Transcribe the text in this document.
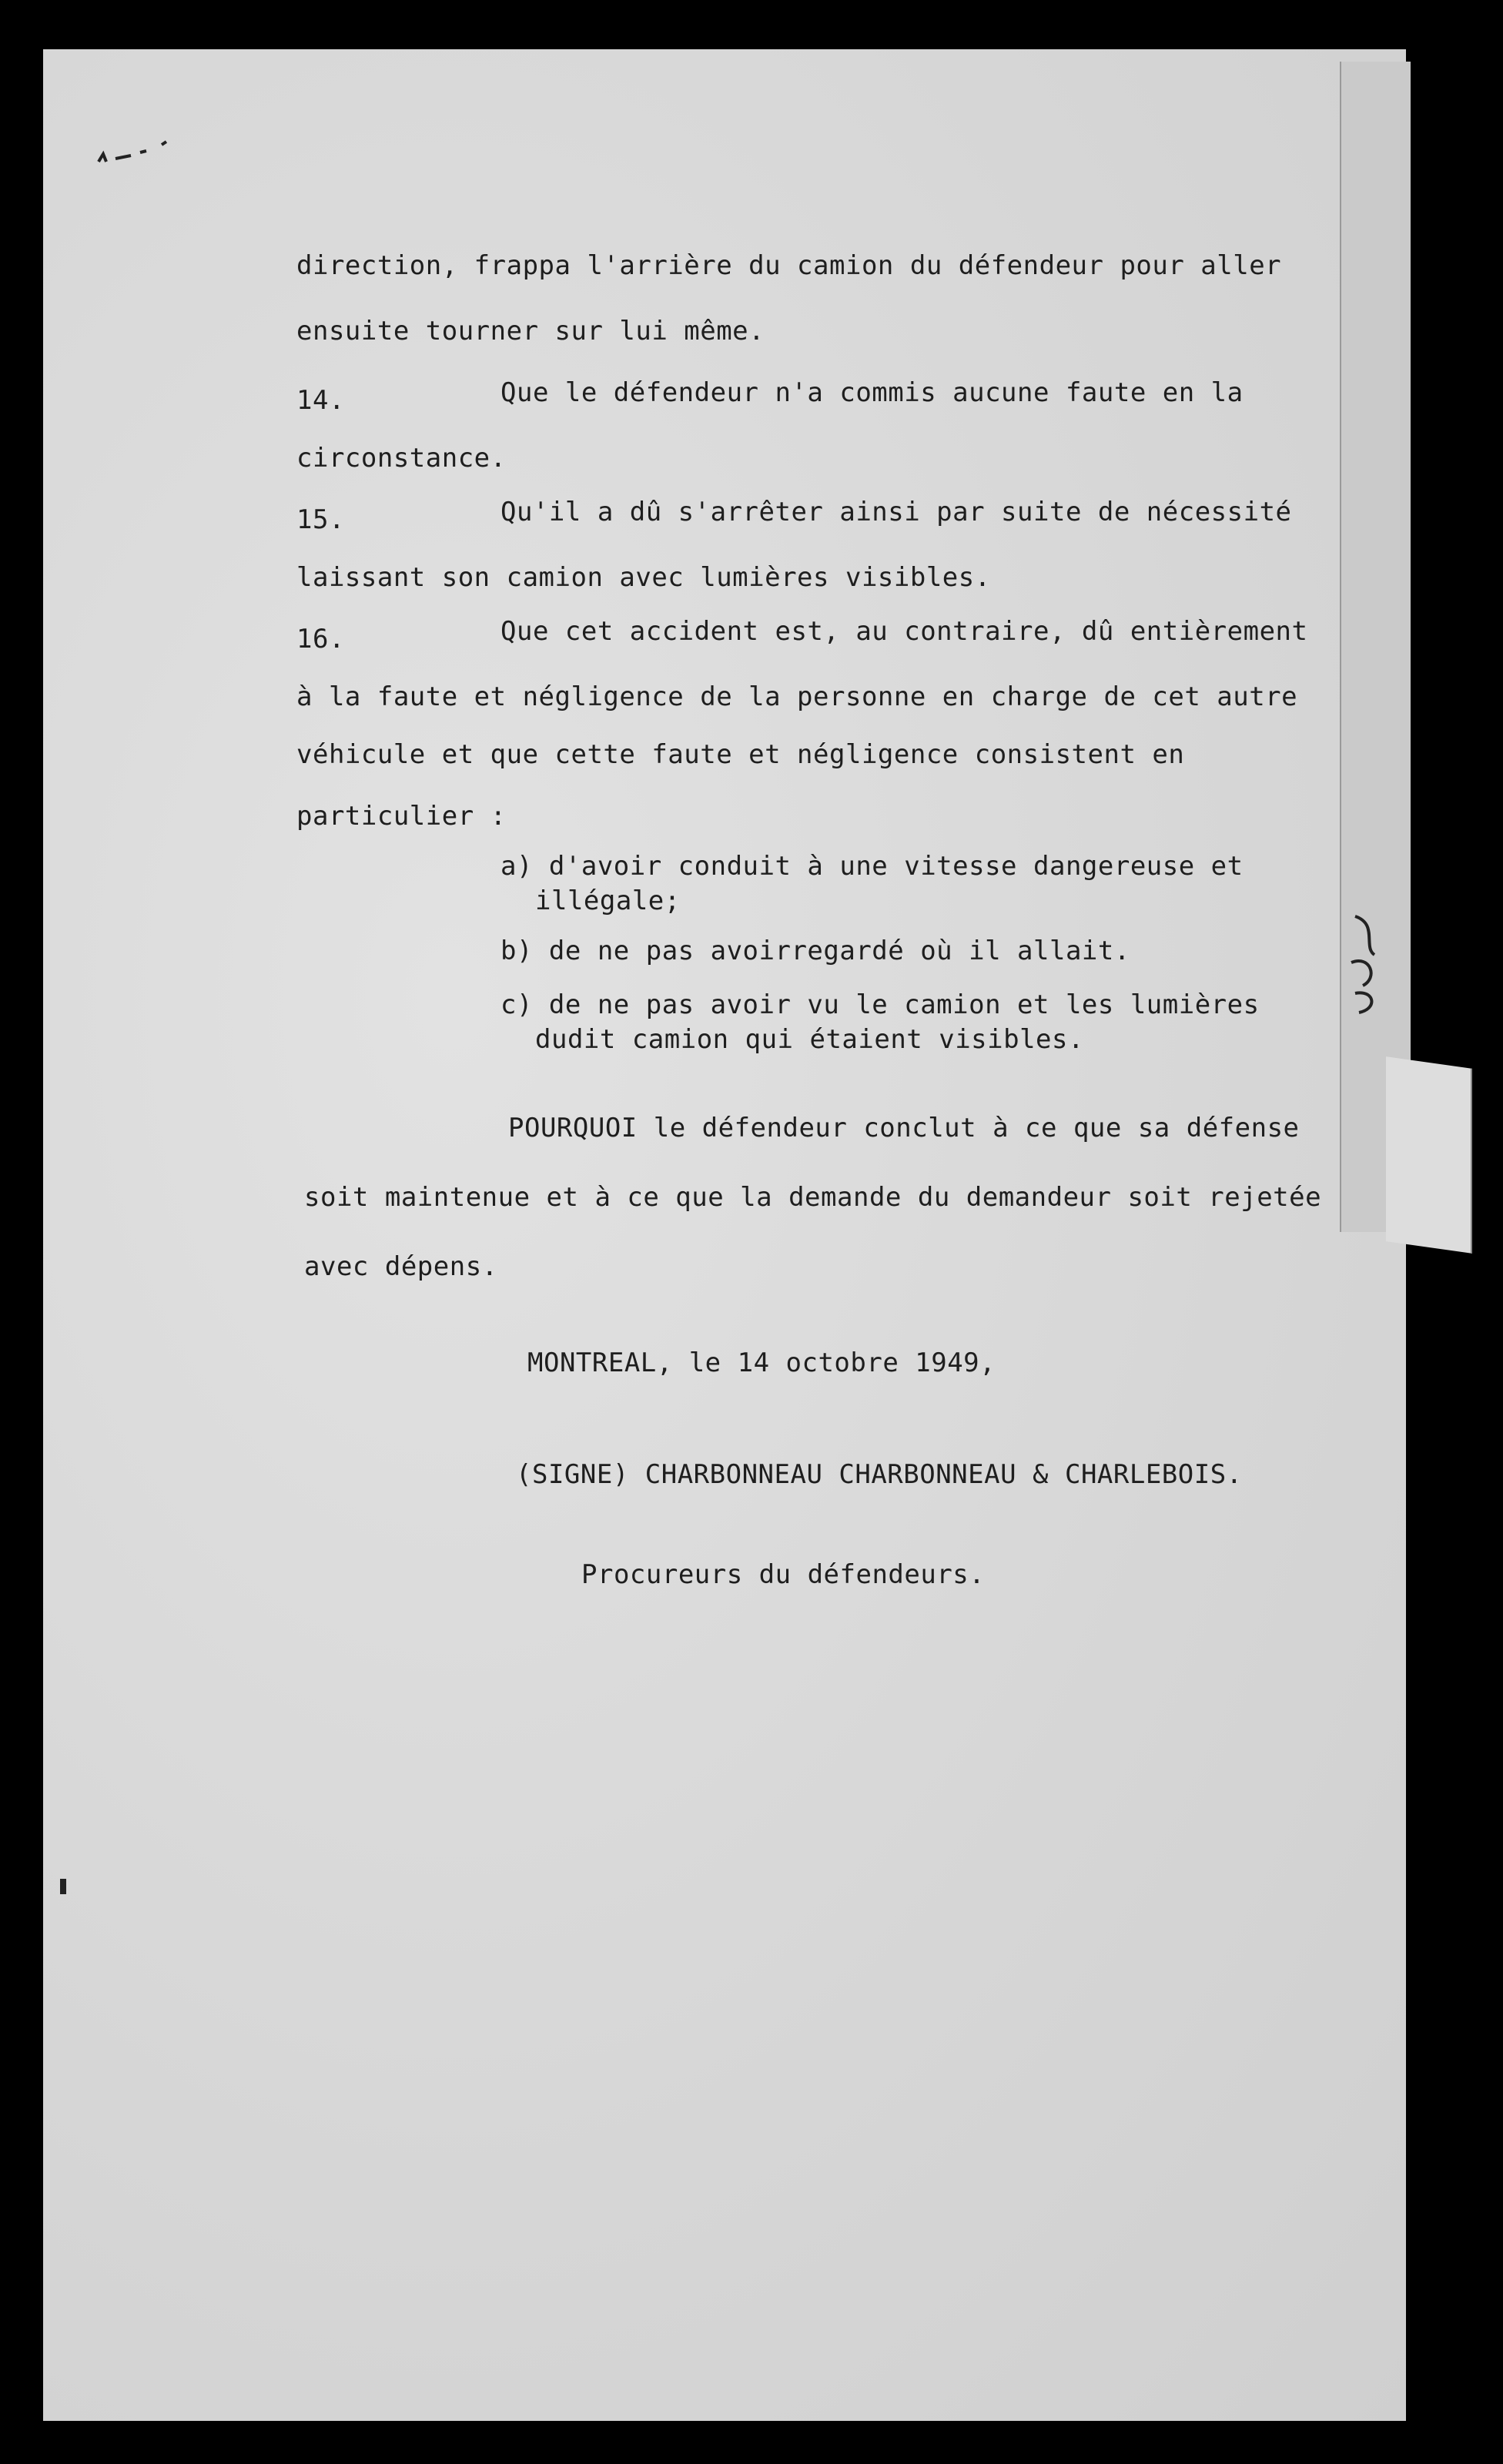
direction, frappa l'arrière du camion du défendeur pour aller
ensuite tourner sur lui même.
14.	Que le défendeur n'a commis aucune faute en la
circonstance.
15.	Qu'il a dû s'arrêter ainsi par suite de nécessité
laissant son camion avec lumières visibles.
16.	Que cet accident est, au contraire, dû entièrement
à la faute et négligence de la personne en charge de cet autre
véhicule et que cette faute et négligence consistent en
particulier :
a) d'avoir conduit à une vitesse dangereuse et
illégale;
b) de ne pas avoirregardé où il allait.
c) de ne pas avoir vu le camion et les lumières
dudit camion qui étaient visibles.
POURQUOI le défendeur conclut à ce que sa défense
soit maintenue et à ce que la demande du demandeur soit rejetée
avec dépens.
MONTREAL, le 14 octobre 1949,
(SIGNE) CHARBONNEAU CHARBONNEAU & CHARLEBOIS.
Procureurs du défendeurs.
